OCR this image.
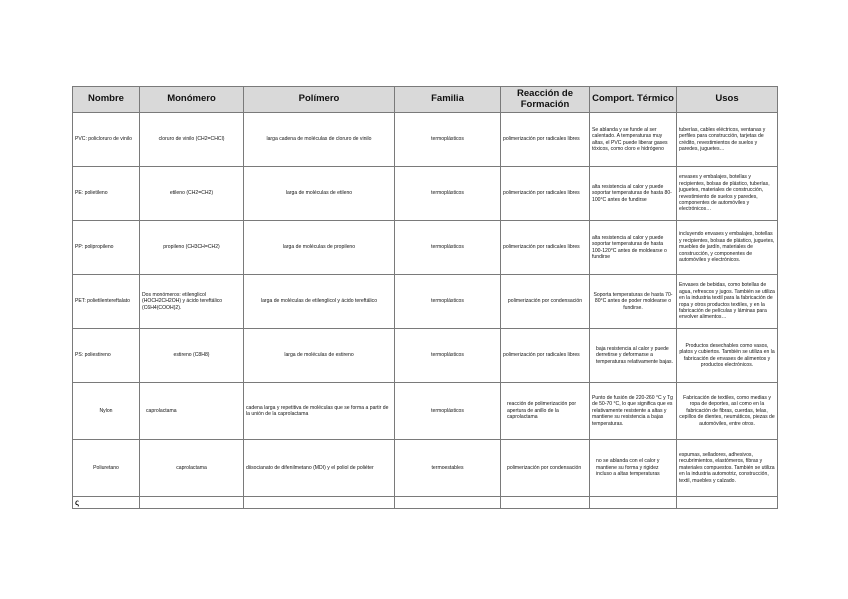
Nombre	Monómero	Polímero	Familia	Reacción de Formación	Comport. Térmico	Usos
PVC: policloruro de vinilo	cloruro de vinilo (CH2=CHCl)	larga cadena de moléculas de cloruro de vinilo	termoplásticos	polimerización por radicales libres	Se ablanda y se funde al ser calentado. A temperaturas muy altas, el PVC puede liberar gases tóxicos, como cloro e hidrógeno	tuberías, cables eléctricos, ventanas y perfiles para construcción, tarjetas de crédito, revestimientos de suelos y paredes, juguetes…
PE: polietileno	etileno (CH2=CH2)	larga de moléculas de etileno	termoplásticos	polimerización por radicales libres	alta resistencia al calor y puede soportar temperaturas de hasta 80-100°C antes de fundirse	envases y embalajes, botellas y recipientes, bolsas de plástico, tuberías, juguetes, materiales de construcción, revestimiento de suelos y paredes, componentes de automóviles y electrónicos…
PP: polipropileno	propileno (CH3CH=CH2)	larga de moléculas de propileno	termoplásticos	polimerización por radicales libres	alta resistencia al calor y puede soportar temperaturas de hasta 100-120°C antes de moldearse o fundirse	incluyendo envases y embalajes, botellas y recipientes, bolsas de plástico, juguetes, muebles de jardín, materiales de construcción, y componentes de automóviles y electrónicos.
PET: polietilentereftalato	Dos monómeros: etilenglicol (HOCH2CH2OH) y ácido tereftálico (C6H4(COOH)2).	larga de moléculas de etilenglicol y ácido tereftálico	termoplásticos	polimerización por condensación	Soporta temperaturas de hasta 70-80°C antes de poder moldearse o fundirse.	Envases de bebidas, como botellas de agua, refrescos y jugos. También se utiliza en la industria textil para la fabricación de ropa y otros productos textiles, y en la fabricación de películas y láminas para envolver alimentos…
PS: poliestireno	estireno (C8H8)	larga de moléculas de estireno	termoplásticos	polimerización por radicales libres	baja resistencia al calor y puede derretirse y deformarse a temperaturas relativamente bajas.	Productos desechables como vasos, platos y cubiertos. También se utiliza en la fabricación de envases de alimentos y productos electrónicos.
Nylon	caprolactama	cadena larga y repetitiva de moléculas que se forma a partir de la unión de la caprolactama	termoplásticos	reacción de polimerización por apertura de anillo de la caprolactama	Punto de fusión de 220-260 °C y Tg de 50-70 °C, lo que significa que es relativamente resistente a altas y mantiene su resistencia a bajas temperaturas.	Fabricación de textiles, como medias y ropa de deportes, así como en la fabricación de fibras, cuerdas, telas, cepillos de dientes, neumáticos, piezas de automóviles, entre otros.
Poliuretano	caprolactama	diisocianato de difenilmetano (MDI) y el poliol de poliéter	termoestables	polimerización por condensación	no se ablanda con el calor y mantiene su forma y rigidez incluso a altas temperaturas	espumas, selladores, adhesivos, recubrimientos, elastómeros, fibras y materiales compuestos. También se utiliza en la industria automotriz, construcción, textil, muebles y calzado.
ς						
